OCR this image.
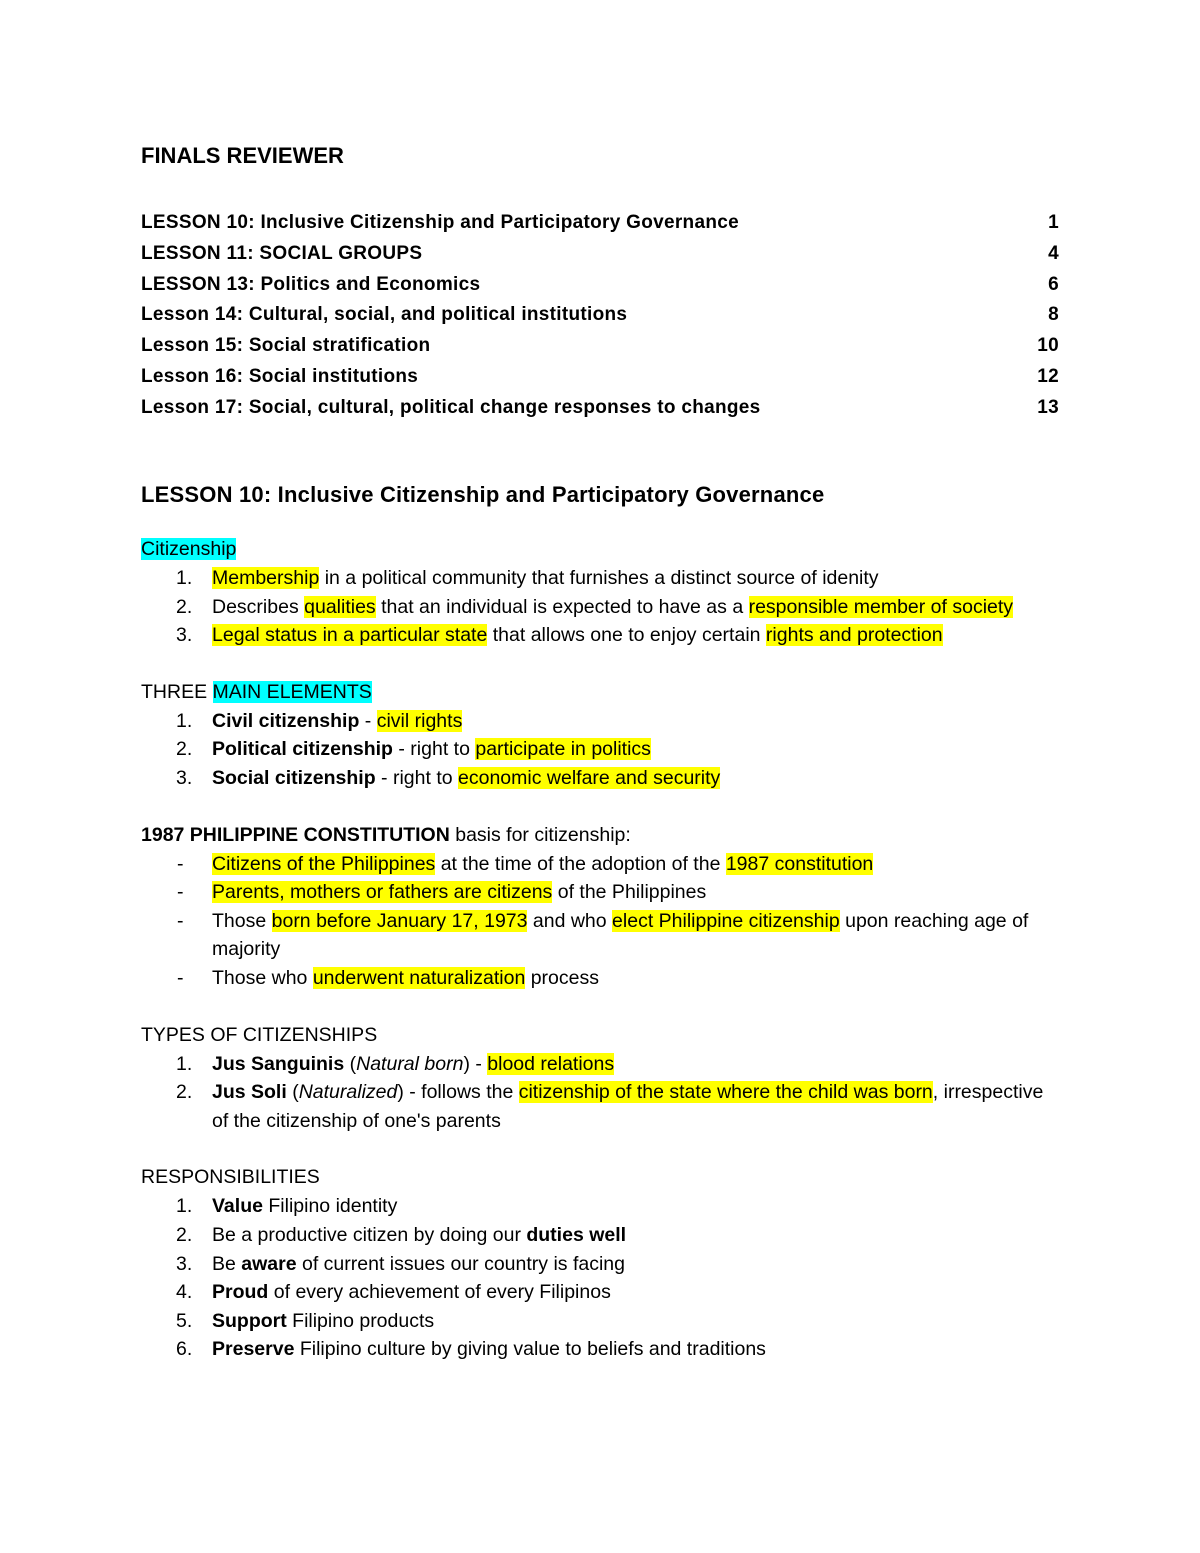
FINALS REVIEWER
LESSON 10: Inclusive Citizenship and Participatory Governance	1
LESSON 11: SOCIAL GROUPS	4
LESSON 13: Politics and Economics	6
Lesson 14: Cultural, social, and political institutions	8
Lesson 15: Social stratification	10
Lesson 16: Social institutions	12
Lesson 17: Social, cultural, political change responses to changes	13
LESSON 10: Inclusive Citizenship and Participatory Governance
Citizenship
1. Membership in a political community that furnishes a distinct source of idenity
2. Describes qualities that an individual is expected to have as a responsible member of society
3. Legal status in a particular state that allows one to enjoy certain rights and protection
THREE MAIN ELEMENTS
1. Civil citizenship - civil rights
2. Political citizenship - right to participate in politics
3. Social citizenship - right to economic welfare and security
1987 PHILIPPINE CONSTITUTION basis for citizenship:
- Citizens of the Philippines at the time of the adoption of the 1987 constitution
- Parents, mothers or fathers are citizens of the Philippines
- Those born before January 17, 1973 and who elect Philippine citizenship upon reaching age of majority
- Those who underwent naturalization process
TYPES OF CITIZENSHIPS
1. Jus Sanguinis (Natural born) - blood relations
2. Jus Soli (Naturalized) - follows the citizenship of the state where the child was born, irrespective of the citizenship of one's parents
RESPONSIBILITIES
1. Value Filipino identity
2. Be a productive citizen by doing our duties well
3. Be aware of current issues our country is facing
4. Proud of every achievement of every Filipinos
5. Support Filipino products
6. Preserve Filipino culture by giving value to beliefs and traditions
